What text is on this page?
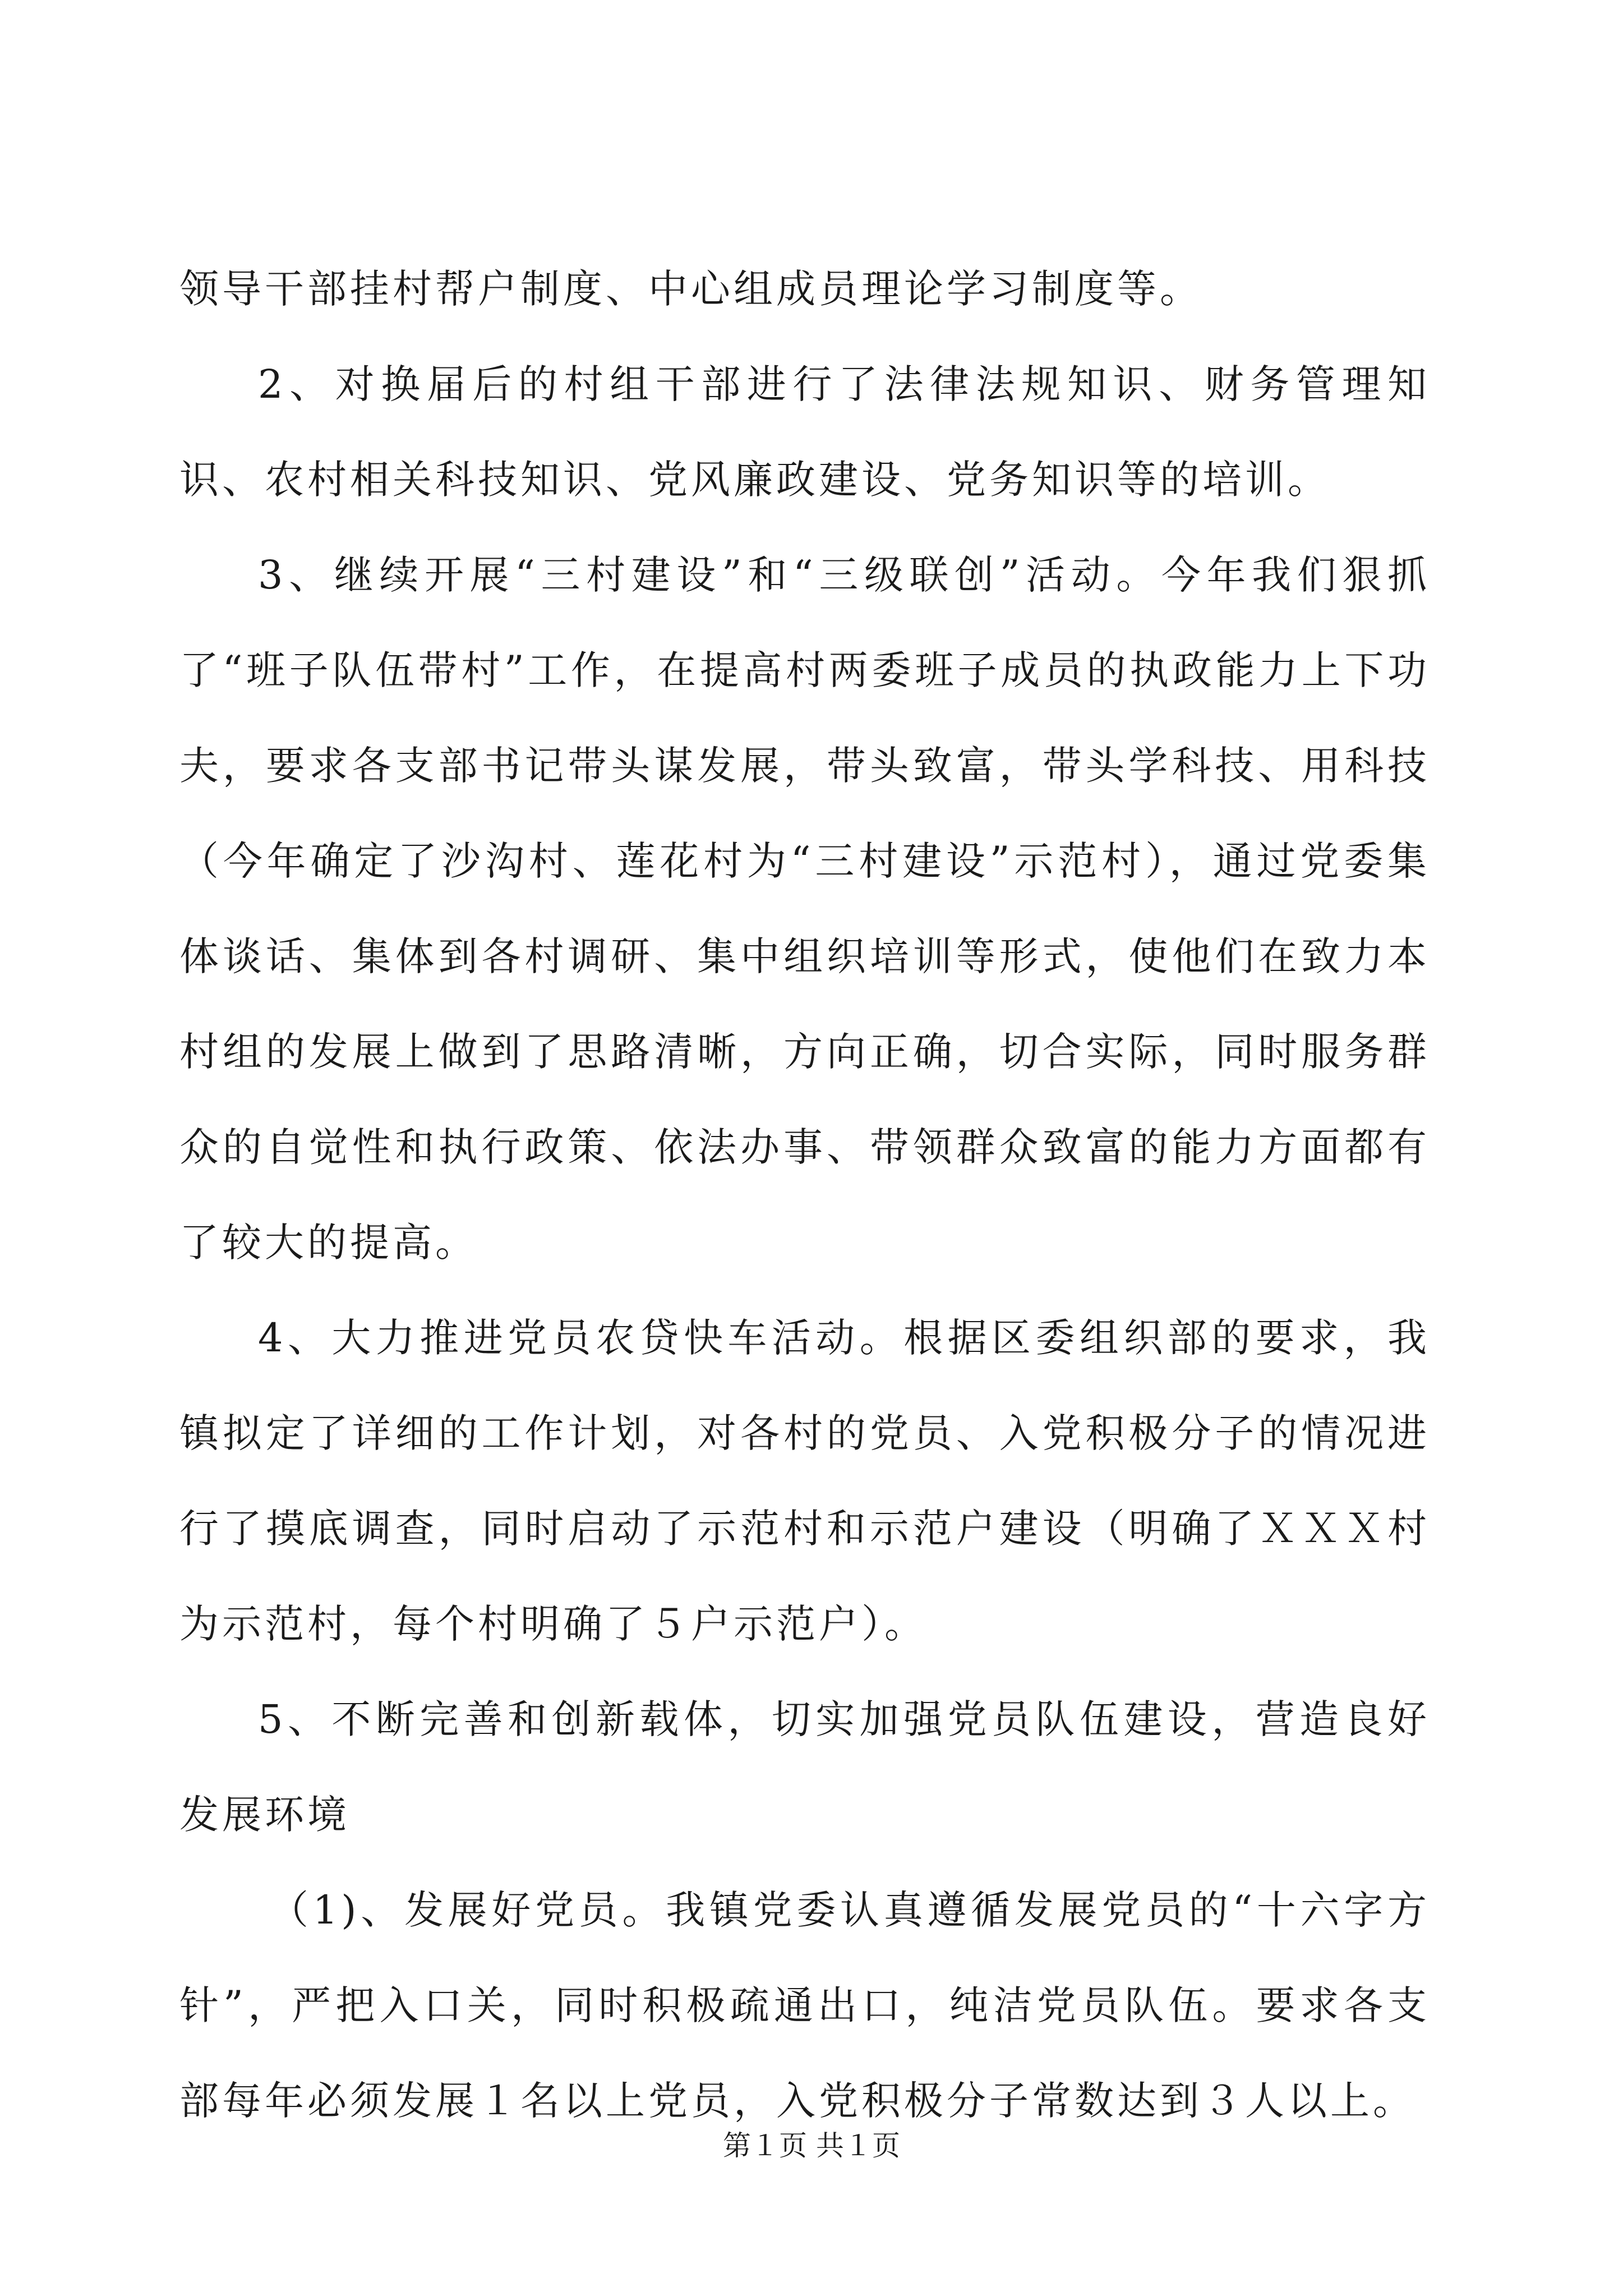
领导干部挂村帮户制度、中心组成员理论学习制度等。

2、对换届后的村组干部进行了法律法规知识、财务管理知识、农村相关科技知识、党风廉政建设、党务知识等的培训。

3、继续开展“三村建设”和“三级联创”活动。今年我们狠抓了“班子队伍带村”工作，在提高村两委班子成员的执政能力上下功夫，要求各支部书记带头谋发展，带头致富，带头学科技、用科技（今年确定了沙沟村、莲花村为“三村建设”示范村），通过党委集体谈话、集体到各村调研、集中组织培训等形式，使他们在致力本村组的发展上做到了思路清晰，方向正确，切合实际，同时服务群众的自觉性和执行政策、依法办事、带领群众致富的能力方面都有了较大的提高。

4、大力推进党员农贷快车活动。根据区委组织部的要求，我镇拟定了详细的工作计划，对各村的党员、入党积极分子的情况进行了摸底调查，同时启动了示范村和示范户建设（明确了ＸＸＸ村为示范村，每个村明确了５户示范户）。

5、不断完善和创新载体，切实加强党员队伍建设，营造良好发展环境

（1)、发展好党员。我镇党委认真遵循发展党员的“十六字方针”，严把入口关，同时积极疏通出口，纯洁党员队伍。要求各支部每年必须发展１名以上党员，入党积极分子常数达到３人以上。

第１页 共１页
